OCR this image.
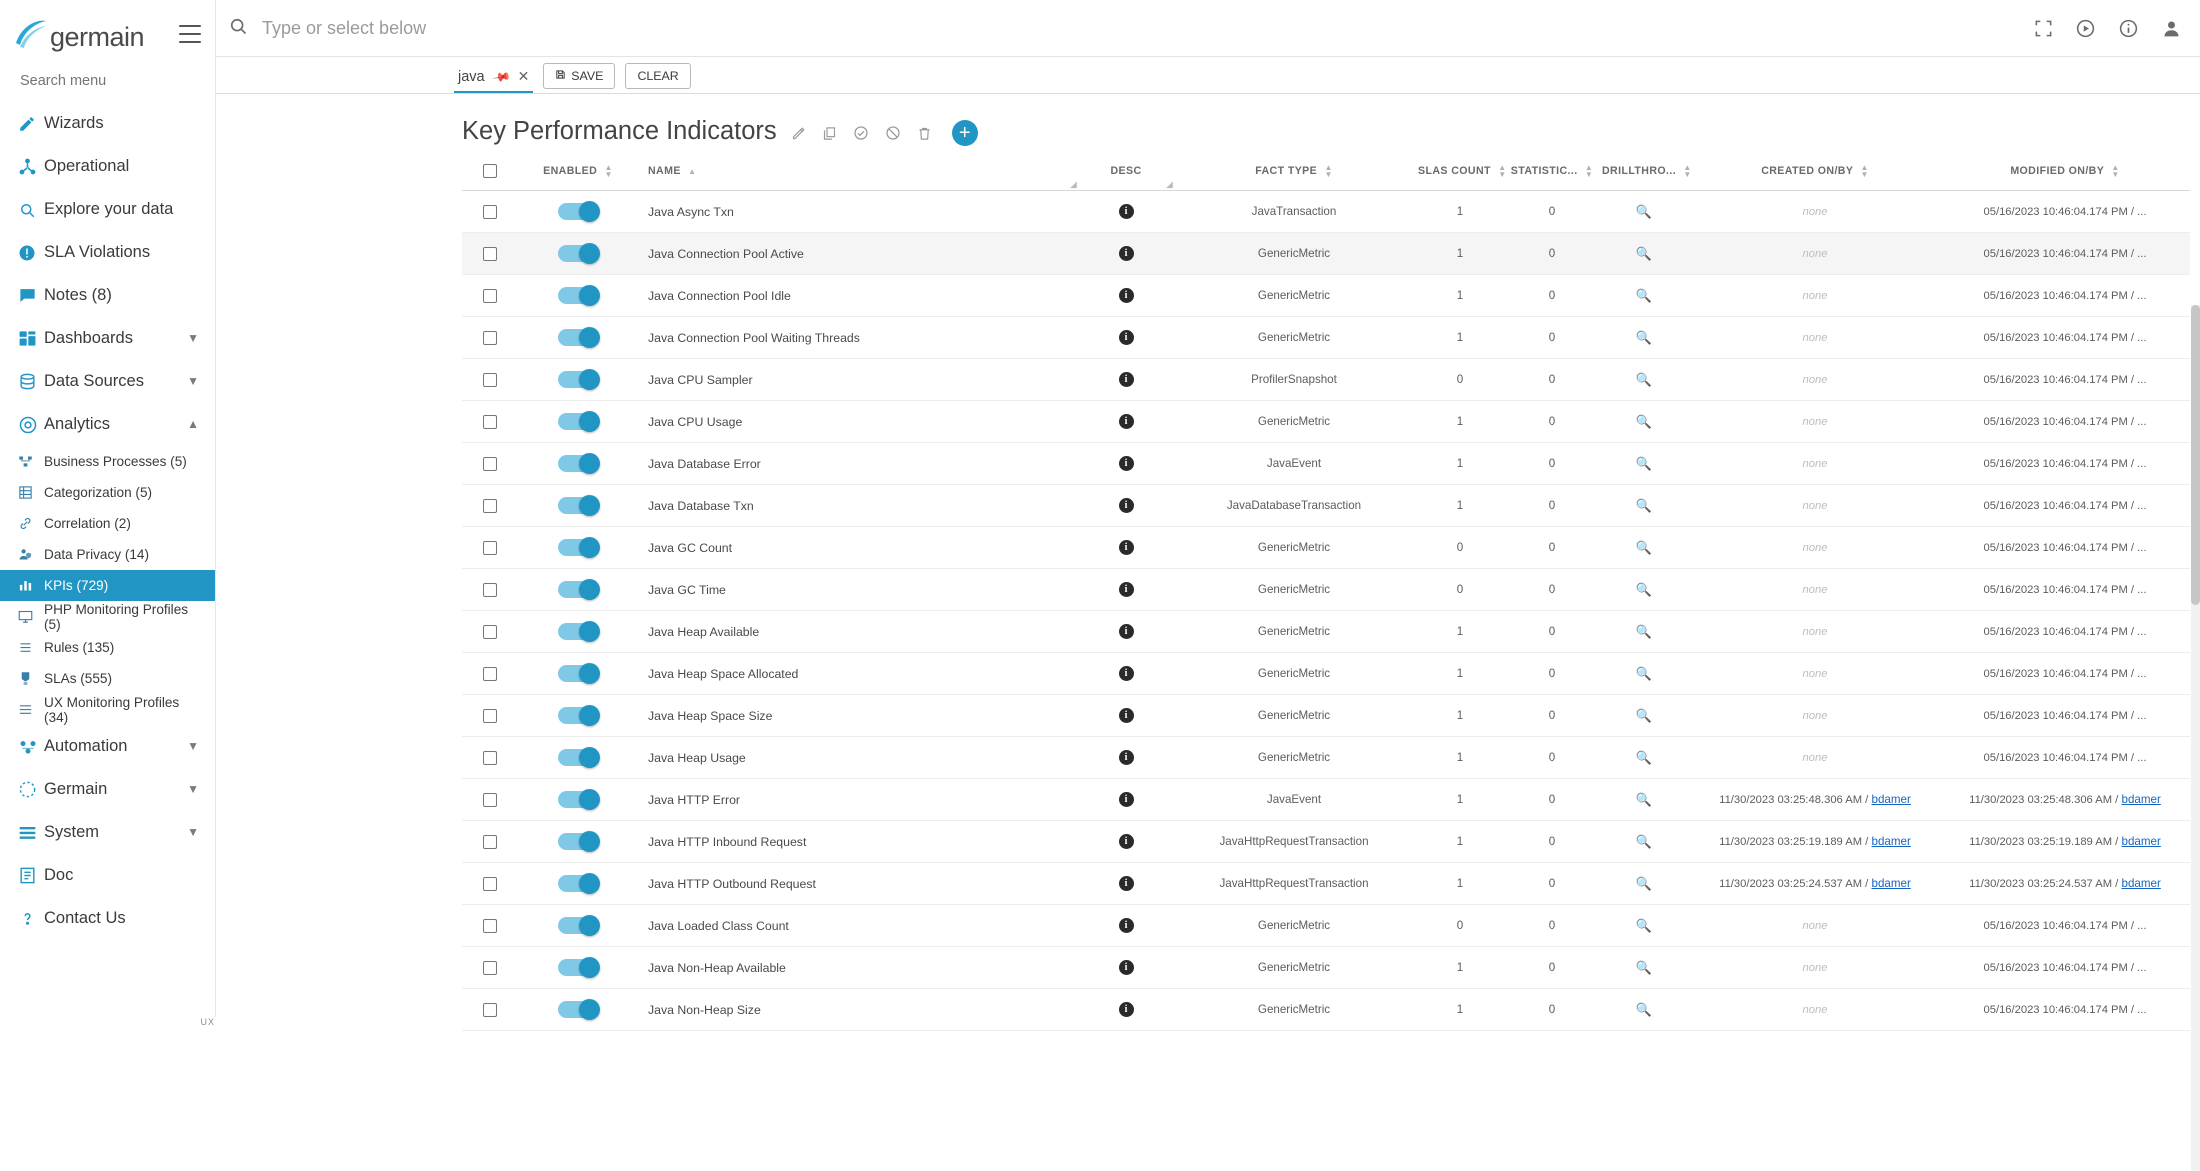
germain
UX
Search menu
Wizards
Operational
Explore your data
SLA Violations
Notes (8)
Dashboards	▼
Data Sources	▼
Analytics	▲
Business Processes (5)
Categorization (5)
Correlation (2)
Data Privacy (14)
KPIs (729)
PHP Monitoring Profiles (5)
Rules (135)
SLAs (555)
UX Monitoring Profiles (34)
Automation	▼
Germain	▼
System	▼
Doc
Contact Us
Type or select below
java 📌 ✕	SAVE	CLEAR
Key Performance Indicators	+
	ENABLED ▲
▼	NAME ▲
◢	DESC
◢	FACT TYPE ▲
▼	SLAS COUNT ▲
▼	STATISTIC... ▲
▼	DRILLTHRO... ▲
▼	CREATED ON/BY ▲
▼	MODIFIED ON/BY ▲
▼
		Java Async Txn	i	JavaTransaction	1	0	🔍	none	05/16/2023 10:46:04.174 PM / ...
		Java Connection Pool Active	i	GenericMetric	1	0	🔍	none	05/16/2023 10:46:04.174 PM / ...
		Java Connection Pool Idle	i	GenericMetric	1	0	🔍	none	05/16/2023 10:46:04.174 PM / ...
		Java Connection Pool Waiting Threads	i	GenericMetric	1	0	🔍	none	05/16/2023 10:46:04.174 PM / ...
		Java CPU Sampler	i	ProfilerSnapshot	0	0	🔍	none	05/16/2023 10:46:04.174 PM / ...
		Java CPU Usage	i	GenericMetric	1	0	🔍	none	05/16/2023 10:46:04.174 PM / ...
		Java Database Error	i	JavaEvent	1	0	🔍	none	05/16/2023 10:46:04.174 PM / ...
		Java Database Txn	i	JavaDatabaseTransaction	1	0	🔍	none	05/16/2023 10:46:04.174 PM / ...
		Java GC Count	i	GenericMetric	0	0	🔍	none	05/16/2023 10:46:04.174 PM / ...
		Java GC Time	i	GenericMetric	0	0	🔍	none	05/16/2023 10:46:04.174 PM / ...
		Java Heap Available	i	GenericMetric	1	0	🔍	none	05/16/2023 10:46:04.174 PM / ...
		Java Heap Space Allocated	i	GenericMetric	1	0	🔍	none	05/16/2023 10:46:04.174 PM / ...
		Java Heap Space Size	i	GenericMetric	1	0	🔍	none	05/16/2023 10:46:04.174 PM / ...
		Java Heap Usage	i	GenericMetric	1	0	🔍	none	05/16/2023 10:46:04.174 PM / ...
		Java HTTP Error	i	JavaEvent	1	0	🔍	11/30/2023 03:25:48.306 AM / bdamer	11/30/2023 03:25:48.306 AM / bdamer
		Java HTTP Inbound Request	i	JavaHttpRequestTransaction	1	0	🔍	11/30/2023 03:25:19.189 AM / bdamer	11/30/2023 03:25:19.189 AM / bdamer
		Java HTTP Outbound Request	i	JavaHttpRequestTransaction	1	0	🔍	11/30/2023 03:25:24.537 AM / bdamer	11/30/2023 03:25:24.537 AM / bdamer
		Java Loaded Class Count	i	GenericMetric	0	0	🔍	none	05/16/2023 10:46:04.174 PM / ...
		Java Non-Heap Available	i	GenericMetric	1	0	🔍	none	05/16/2023 10:46:04.174 PM / ...
		Java Non-Heap Size	i	GenericMetric	1	0	🔍	none	05/16/2023 10:46:04.174 PM / ...
